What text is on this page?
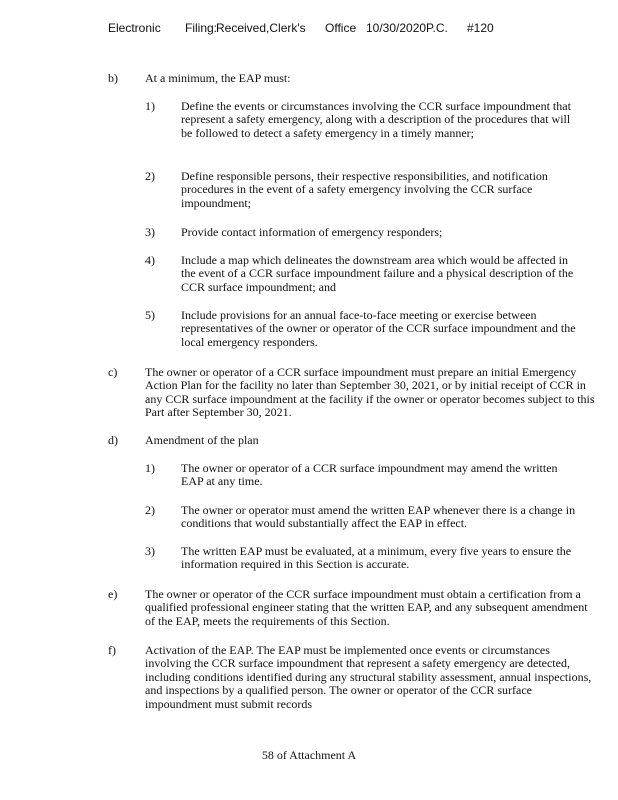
Electronic Filing:
Received,Clerk's Office 10/30/2020P.C. #120
b) At a minimum, the EAP must:
1) Define the events or circumstances involving the CCR surface impoundment that represent a safety emergency, along with a description of the procedures that will be followed to detect a safety emergency in a timely manner;
2) Define responsible persons, their respective responsibilities, and notification procedures in the event of a safety emergency involving the CCR surface impoundment;
3) Provide contact information of emergency responders;
4) Include a map which delineates the downstream area which would be affected in the event of a CCR surface impoundment failure and a physical description of the CCR surface impoundment; and
5) Include provisions for an annual face-to-face meeting or exercise between representatives of the owner or operator of the CCR surface impoundment and the local emergency responders.
c) The owner or operator of a CCR surface impoundment must prepare an initial Emergency Action Plan for the facility no later than September 30, 2021, or by initial receipt of CCR in any CCR surface impoundment at the facility if the owner or operator becomes subject to this Part after September 30, 2021.
d) Amendment of the plan
1) The owner or operator of a CCR surface impoundment may amend the written EAP at any time.
2) The owner or operator must amend the written EAP whenever there is a change in conditions that would substantially affect the EAP in effect.
3) The written EAP must be evaluated, at a minimum, every five years to ensure the information required in this Section is accurate.
e) The owner or operator of the CCR surface impoundment must obtain a certification from a qualified professional engineer stating that the written EAP, and any subsequent amendment of the EAP, meets the requirements of this Section.
f) Activation of the EAP. The EAP must be implemented once events or circumstances involving the CCR surface impoundment that represent a safety emergency are detected, including conditions identified during any structural stability assessment, annual inspections, and inspections by a qualified person. The owner or operator of the CCR surface impoundment must submit records
58 of Attachment A
